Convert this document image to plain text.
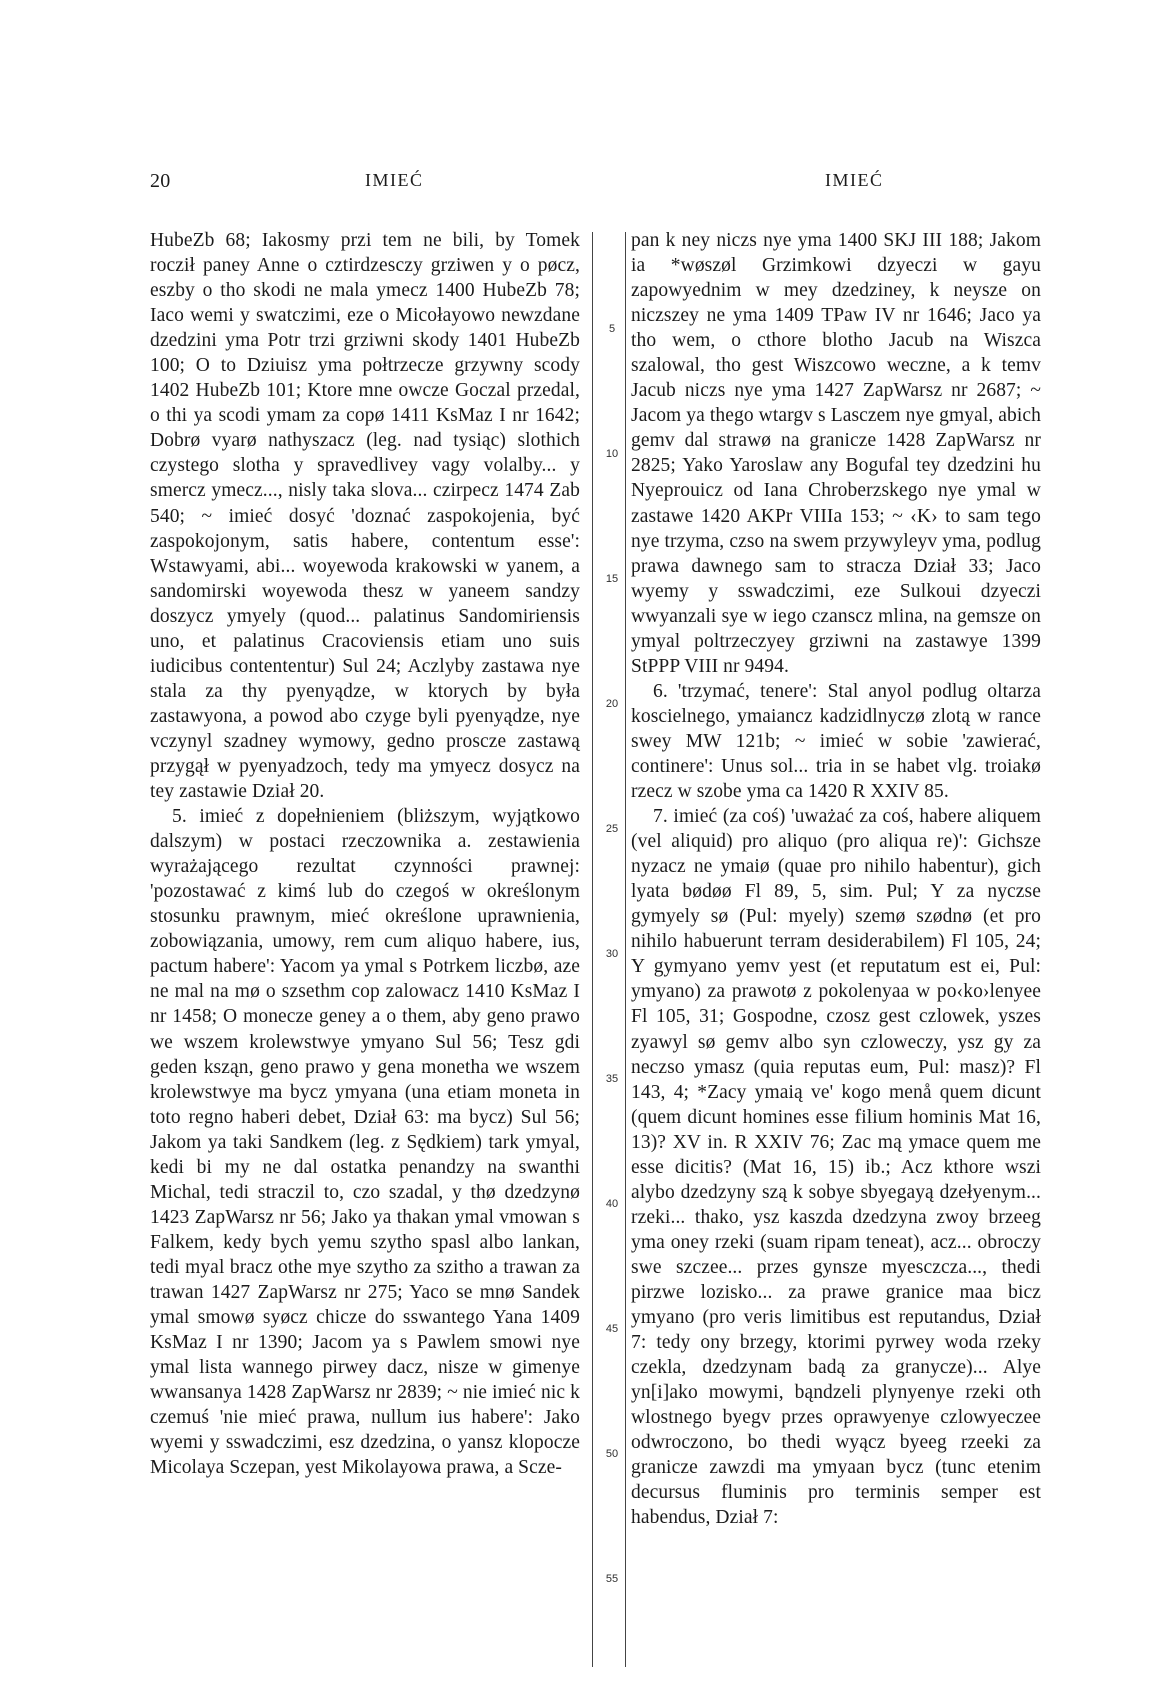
20	IMIEĆ	IMIEĆ
5
10
15
20
25
30
35
40
45
50
55

HubeZb 68; Iakosmy przi tem ne bili, by Tomek rocził paney Anne o cztirdzesczy grziwen y o pøcz, eszby o tho skodi ne mala ymecz 1400 HubeZb 78; Iaco wemi y swatczimi, eze o Micołayowo newzdane dzedzini yma Potr trzi grziwni skody 1401 HubeZb 100; O to Dziuisz yma połtrzecze grzywny scody 1402 HubeZb 101; Ktore mne owcze Goczal przedal, o thi ya scodi ymam za copø 1411 KsMaz I nr 1642; Dobrø vyarø nathyszacz (leg. nad tysiąc) slothich czystego slotha y spravedlivey vagy volalby... y smercz ymecz..., nisly taka slova... czirpecz 1474 Zab 540; ~ imieć dosyć 'doznać zaspokojenia, być zaspokojonym, satis habere, contentum esse': Wstawyami, abi... woyewoda krakowski w yanem, a sandomirski woyewoda thesz w yaneem sandzy doszycz ymyely (quod... palatinus Sandomiriensis uno, et palatinus Cracoviensis etiam uno suis iudicibus contententur) Sul 24; Aczlyby zastawa nye stala za thy pyenyądze, w ktorych by była zastawyona, a powod abo czyge byli pyenyądze, nye vczynyl szadney wymowy, gedno proscze zastawą przygął w pyenyadzoch, tedy ma ymyecz dosycz na tey zastawie Dział 20.

5. imieć z dopełnieniem (bliższym, wyjątkowo dalszym) w postaci rzeczownika a. zestawienia wyrażającego rezultat czynności prawnej: 'pozostawać z kimś lub do czegoś w określonym stosunku prawnym, mieć określone uprawnienia, zobowiązania, umowy, rem cum aliquo habere, ius, pactum habere': Yacom ya ymal s Potrkem liczbø, aze ne mal na mø o szsethm cop zalowacz 1410 KsMaz I nr 1458; O monecze geney a o them, aby geno prawo we wszem krolewstwye ymyano Sul 56; Tesz gdi geden ksząn, geno prawo y gena monetha we wszem krolewstwye ma bycz ymyana (una etiam moneta in toto regno haberi debet, Dział 63: ma bycz) Sul 56; Jakom ya taki Sandkem (leg. z Sędkiem) tark ymyal, kedi bi my ne dal ostatka penandzy na swanthi Michal, tedi straczil to, czo szadal, y thø dzedzynø 1423 ZapWarsz nr 56; Jako ya thakan ymal vmowan s Falkem, kedy bych yemu szytho spasl albo lankan, tedi myal bracz othe mye szytho za szitho a trawan za trawan 1427 ZapWarsz nr 275; Yaco se mnø Sandek ymal smowø syøcz chicze do sswantego Yana 1409 KsMaz I nr 1390; Jacom ya s Pawlem smowi nye ymal lista wannego pirwey dacz, nisze w gimenye wwansanya 1428 ZapWarsz nr 2839; ~ nie imieć nic k czemuś 'nie mieć prawa, nullum ius habere': Jako wyemi y sswadczimi, esz dzedzina, o yansz klopocze Micolaya Sczepan, yest Mikolayowa prawa, a Scze-

pan k ney niczs nye yma 1400 SKJ III 188; Jakom ia *wøszøl Grzimkowi dzyeczi w gayu zapowyednim w mey dzedziney, k neysze on niczszey ne yma 1409 TPaw IV nr 1646; Jaco ya tho wem, o cthore blotho Jacub na Wiszca szalowal, tho gest Wiszcowo weczne, a k temv Jacub niczs nye yma 1427 ZapWarsz nr 2687; ~ Jacom ya thego wtargv s Lasczem nye gmyal, abich gemv dal strawø na granicze 1428 ZapWarsz nr 2825; Yako Yaroslaw any Bogufal tey dzedzini hu Nyeprouicz od Iana Chroberzskego nye ymal w zastawe 1420 AKPr VIIIa 153; ~ ‹K› to sam tego nye trzyma, czso na swem przywyleyv yma, podlug prawa dawnego sam to stracza Dział 33; Jaco wyemy y sswadczimi, eze Sulkoui dzyeczi wwyanzali sye w iego czanscz mlina, na gemsze on ymyal poltrzeczyey grziwni na zastawye 1399 StPPP VIII nr 9494.

6. 'trzymać, tenere': Stal anyol podlug oltarza koscielnego, ymaiancz kadzidlnyczø zlotą w rance swey MW 121b; ~ imieć w sobie 'zawierać, continere': Unus sol... tria in se habet vlg. troiakø rzecz w szobe yma ca 1420 R XXIV 85.

7. imieć (za coś) 'uważać za coś, habere aliquem (vel aliquid) pro aliquo (pro aliqua re)': Gichsze nyzacz ne ymaiø (quae pro nihilo habentur), gich lyata bødøø Fl 89, 5, sim. Pul; Y za nyczse gymyely sø (Pul: myely) szemø szødnø (et pro nihilo habuerunt terram desiderabilem) Fl 105, 24; Y gymyano yemv yest (et reputatum est ei, Pul: ymyano) za prawotø z pokolenyaa w po‹ko›lenyee Fl 105, 31; Gospodne, czosz gest czlowek, yszes zyawyl sø gemv albo syn czloweczy, ysz gy za neczso ymasz (quia reputas eum, Pul: masz)? Fl 143, 4; *Zacy ymaią ve' kogo menå quem dicunt (quem dicunt homines esse filium hominis Mat 16, 13)? XV in. R XXIV 76; Zac mą ymace quem me esse dicitis? (Mat 16, 15) ib.; Acz kthore wszi alybo dzedzyny szą k sobye sbyegayą dzełyenym... rzeki... thako, ysz kaszda dzedzyna zwoy brzeeg yma oney rzeki (suam ripam teneat), acz... obroczy swe szczee... przes gynsze myesczcza..., thedi pirzwe lozisko... za prawe granice maa bicz ymyano (pro veris limitibus est reputandus, Dział 7: tedy ony brzegy, ktorimi pyrwey woda rzeky czekla, dzedzynam badą za granycze)... Alye yn[i]ako mowymi, bąndzeli plynyenye rzeki oth wlostnego byegv przes oprawyenye czlowyeczee odwroczono, bo thedi wyącz byeeg rzeeki za granicze zawzdi ma ymyaan bycz (tunc etenim decursus fluminis pro terminis semper est habendus, Dział 7:
